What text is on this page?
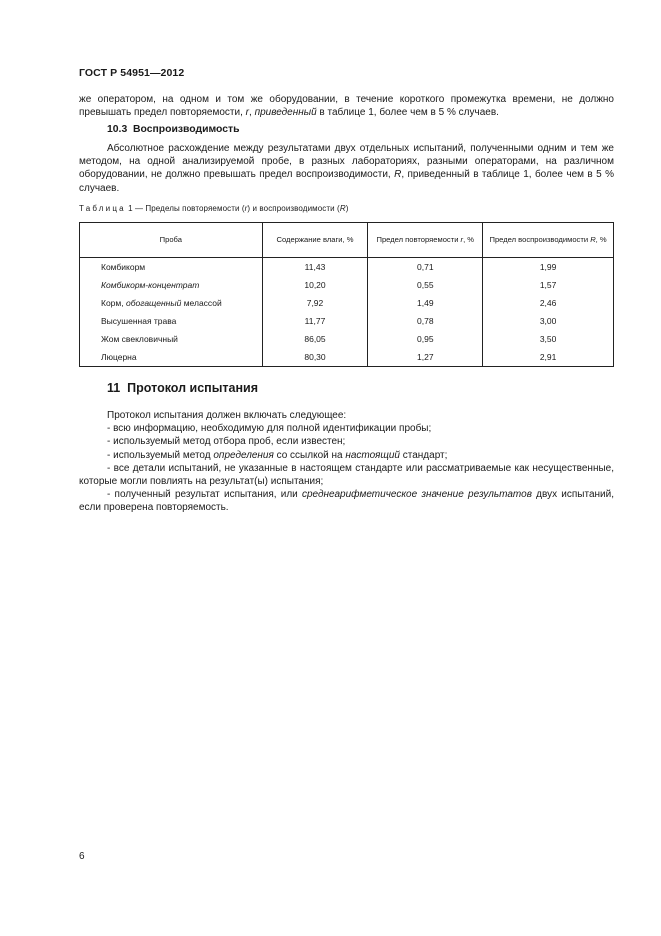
ГОСТ Р 54951—2012
же оператором, на одном и том же оборудовании, в течение короткого промежутка времени, не должно превышать предел повторяемости, r, приведенный в таблице 1, более чем в 5 % случаев.
10.3 Воспроизводимость
Абсолютное расхождение между результатами двух отдельных испытаний, полученными одним и тем же методом, на одной анализируемой пробе, в разных лабораториях, разными операторами, на различном оборудовании, не должно превышать предел воспроизводимости, R, приведенный в таблице 1, более чем в 5 % случаев.
Таблица 1 — Пределы повторяемости (r) и воспроизводимости (R)
Проба	Содержание влаги, %	Предел повторяемости r, %	Предел воспроизводимости R, %
Комбикорм	11,43	0,71	1,99
Комбикорм-концентрат	10,20	0,55	1,57
Корм, обогащенный мелассой	7,92	1,49	2,46
Высушенная трава	11,77	0,78	3,00
Жом свекловичный	86,05	0,95	3,50
Люцерна	80,30	1,27	2,91
11 Протокол испытания
Протокол испытания должен включать следующее:
- всю информацию, необходимую для полной идентификации пробы;
- используемый метод отбора проб, если известен;
- используемый метод определения со ссылкой на настоящий стандарт;
- все детали испытаний, не указанные в настоящем стандарте или рассматриваемые как несущественные, которые могли повлиять на результат(ы) испытания;
- полученный результат испытания, или среднеарифметическое значение результатов двух испытаний, если проверена повторяемость.
6
